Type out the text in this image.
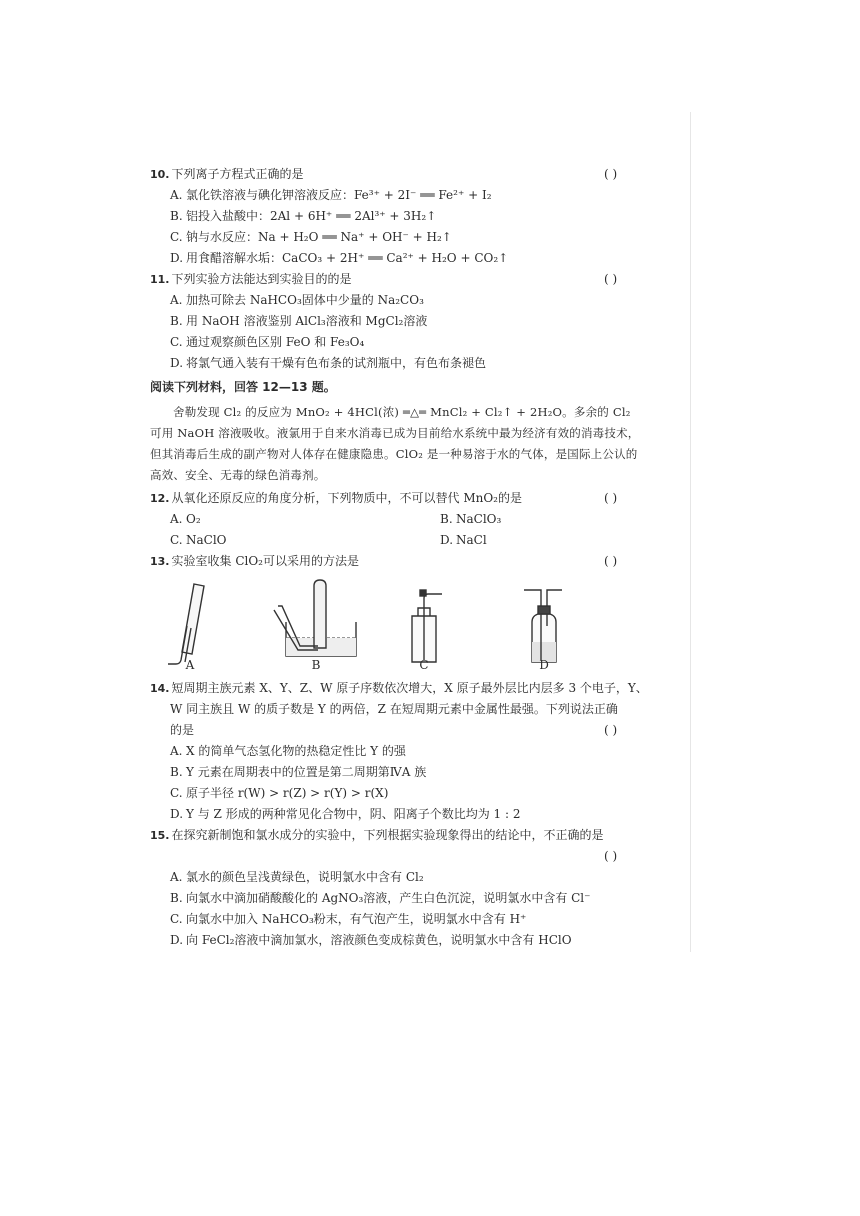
10. 下列离子方程式正确的是	( )
A. 氯化铁溶液与碘化钾溶液反应：Fe³⁺ + 2I⁻ ══ Fe²⁺ + I₂
B. 铝投入盐酸中：2Al + 6H⁺ ══ 2Al³⁺ + 3H₂↑
C. 钠与水反应：Na + H₂O ══ Na⁺ + OH⁻ + H₂↑
D. 用食醋溶解水垢：CaCO₃ + 2H⁺ ══ Ca²⁺ + H₂O + CO₂↑
11. 下列实验方法能达到实验目的的是	( )
A. 加热可除去 NaHCO₃固体中少量的 Na₂CO₃
B. 用 NaOH 溶液鉴别 AlCl₃溶液和 MgCl₂溶液
C. 通过观察颜色区别 FeO 和 Fe₃O₄
D. 将氯气通入装有干燥有色布条的试剂瓶中，有色布条褪色
阅读下列材料，回答 12—13 题。
舍勒发现 Cl₂ 的反应为 MnO₂ + 4HCl(浓) ═△═ MnCl₂ + Cl₂↑ + 2H₂O。多余的 Cl₂ 可用 NaOH 溶液吸收。液氯用于自来水消毒已成为目前给水系统中最为经济有效的消毒技术，但其消毒后生成的副产物对人体存在健康隐患。ClO₂ 是一种易溶于水的气体，是国际上公认的高效、安全、无毒的绿色消毒剂。
12. 从氧化还原反应的角度分析，下列物质中，不可以替代 MnO₂的是	( )
A. O₂	B. NaClO₃
C. NaClO	D. NaCl
13. 实验室收集 ClO₂可以采用的方法是	( )
A	B	C	D
14. 短周期主族元素 X、Y、Z、W 原子序数依次增大，X 原子最外层比内层多 3 个电子，Y、
W 同主族且 W 的质子数是 Y 的两倍，Z 在短周期元素中金属性最强。下列说法正确
的是	( )
A. X 的简单气态氢化物的热稳定性比 Y 的强
B. Y 元素在周期表中的位置是第二周期第ⅣA 族
C. 原子半径 r(W) > r(Z) > r(Y) > r(X)
D. Y 与 Z 形成的两种常见化合物中，阴、阳离子个数比均为 1 : 2
15. 在探究新制饱和氯水成分的实验中，下列根据实验现象得出的结论中，不正确的是
( )
A. 氯水的颜色呈浅黄绿色，说明氯水中含有 Cl₂
B. 向氯水中滴加硝酸酸化的 AgNO₃溶液，产生白色沉淀，说明氯水中含有 Cl⁻
C. 向氯水中加入 NaHCO₃粉末，有气泡产生，说明氯水中含有 H⁺
D. 向 FeCl₂溶液中滴加氯水，溶液颜色变成棕黄色，说明氯水中含有 HClO
